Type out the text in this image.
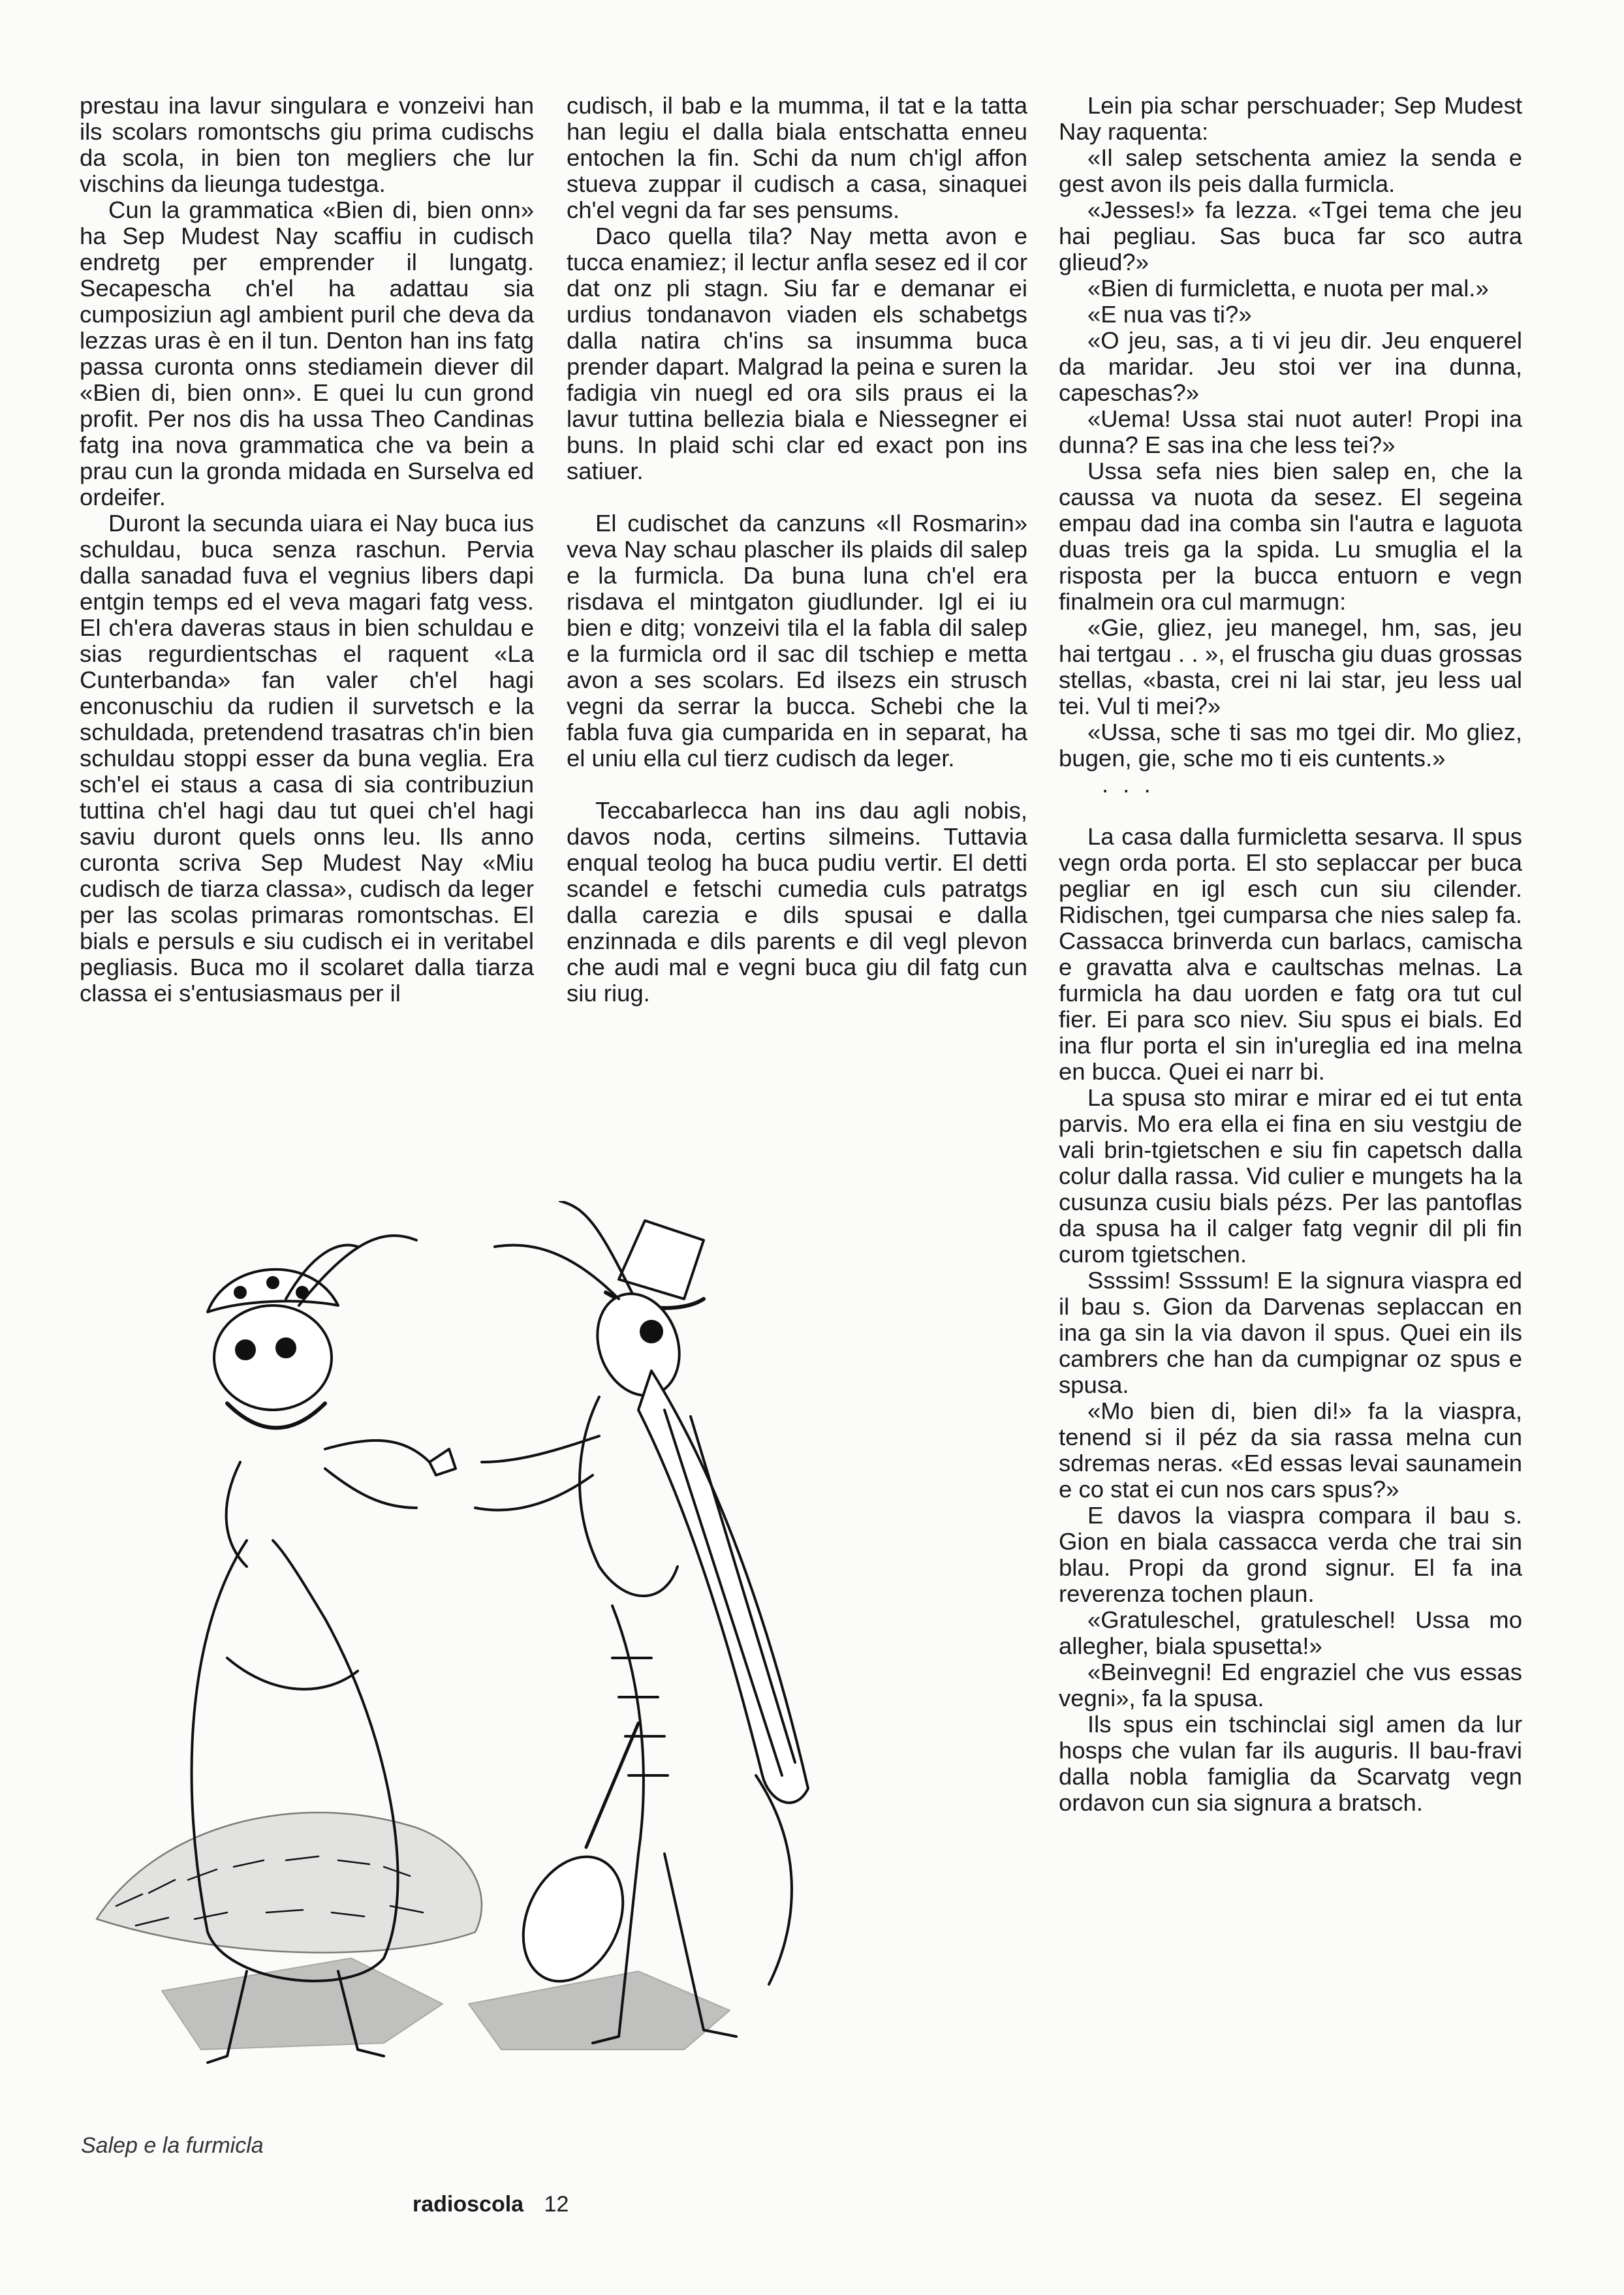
prestau ina lavur singulara e vonzeivi han ils scolars romontschs giu prima cudischs da scola, in bien ton megliers che lur vischins da lieunga tudestga.

Cun la grammatica «Bien di, bien onn» ha Sep Mudest Nay scaffiu in cudisch endretg per emprender il lungatg. Secapescha ch'el ha adattau sia cumposiziun agl ambient puril che deva da lezzas uras è en il tun. Denton han ins fatg passa curonta onns stediamein diever dil «Bien di, bien onn». E quei lu cun grond profit. Per nos dis ha ussa Theo Candinas fatg ina nova grammatica che va bein a prau cun la gronda midada en Surselva ed ordeifer.

Duront la secunda uiara ei Nay buca ius schuldau, buca senza raschun. Pervia dalla sanadad fuva el vegnius libers dapi entgin temps ed el veva magari fatg vess. El ch'era daveras staus in bien schuldau e sias regurdientschas el raquent «La Cunterbanda» fan valer ch'el hagi enconuschiu da rudien il survetsch e la schuldada, pretendend trasatras ch'in bien schuldau stoppi esser da buna veglia. Era sch'el ei staus a casa di sia contribuziun tuttina ch'el hagi dau tut quei ch'el hagi saviu duront quels onns leu. Ils anno curonta scriva Sep Mudest Nay «Miu cudisch de tiarza classa», cudisch da leger per las scolas primaras romontschas. El bials e persuls e siu cudisch ei in veritabel pegliasis. Buca mo il scolaret dalla tiarza classa ei s'entusiasmaus per il

cudisch, il bab e la mumma, il tat e la tatta han legiu el dalla biala entschatta enneu entochen la fin. Schi da num ch'igl affon stueva zuppar il cudisch a casa, sinaquei ch'el vegni da far ses pensums.

Daco quella tila? Nay metta avon e tucca enamiez; il lectur anfla sesez ed il cor dat onz pli stagn. Siu far e demanar ei urdius tondanavon viaden els schabetgs dalla natira ch'ins sa insumma buca prender dapart. Malgrad la peina e suren la fadigia vin nuegl ed ora sils praus ei la lavur tuttina bellezia biala e Niessegner ei buns. In plaid schi clar ed exact pon ins satiuer.

El cudischet da canzuns «Il Rosmarin» veva Nay schau plascher ils plaids dil salep e la furmicla. Da buna luna ch'el era risdava el mintgaton giudlunder. Igl ei iu bien e ditg; vonzeivi tila el la fabla dil salep e la furmicla ord il sac dil tschiep e metta avon a ses scolars. Ed ilsezs ein strusch vegni da serrar la bucca. Schebi che la fabla fuva gia cumparida en in separat, ha el uniu ella cul tierz cudisch da leger.

Teccabarlecca han ins dau agli nobis, davos noda, certins silmeins. Tuttavia enqual teolog ha buca pudiu vertir. El detti scandel e fetschi cumedia culs patratgs dalla carezia e dils spusai e dalla enzinnada e dils parents e dil vegl plevon che audi mal e vegni buca giu dil fatg cun siu riug.

Lein pia schar perschuader; Sep Mudest Nay raquenta:

«Il salep setschenta amiez la senda e gest avon ils peis dalla furmicla.

«Jesses!» fa lezza. «Tgei tema che jeu hai pegliau. Sas buca far sco autra glieud?»

«Bien di furmicletta, e nuota per mal.»

«E nua vas ti?»

«O jeu, sas, a ti vi jeu dir. Jeu enquerel da maridar. Jeu stoi ver ina dunna, capeschas?»

«Uema! Ussa stai nuot auter! Propi ina dunna? E sas ina che less tei?»

Ussa sefa nies bien salep en, che la caussa va nuota da sesez. El segeina empau dad ina comba sin l'autra e laguota duas treis ga la spida. Lu smuglia el la risposta per la bucca entuorn e vegn finalmein ora cul marmugn:

«Gie, gliez, jeu manegel, hm, sas, jeu hai tertgau . . », el fruscha giu duas grossas stellas, «basta, crei ni lai star, jeu less ual tei. Vul ti mei?»

«Ussa, sche ti sas mo tgei dir. Mo gliez, bugen, gie, sche mo ti eis cuntents.»

. . .

La casa dalla furmicletta sesarva. Il spus vegn orda porta. El sto seplaccar per buca pegliar en igl esch cun siu cilender. Ridischen, tgei cumparsa che nies salep fa. Cassacca brinverda cun barlacs, camischa e gravatta alva e caultschas melnas. La furmicla ha dau uorden e fatg ora tut cul fier. Ei para sco niev. Siu spus ei bials. Ed ina flur porta el sin in'ureglia ed ina melna en bucca. Quei ei narr bi.

La spusa sto mirar e mirar ed ei tut enta parvis. Mo era ella ei fina en siu vestgiu de vali brin-tgietschen e siu fin capetsch dalla colur dalla rassa. Vid culier e mungets ha la cusunza cusiu bials pézs. Per las pantoflas da spusa ha il calger fatg vegnir dil pli fin curom tgietschen.

Ssssim! Ssssum! E la signura viaspra ed il bau s. Gion da Darvenas seplaccan en ina ga sin la via davon il spus. Quei ein ils cambrers che han da cumpignar oz spus e spusa.

«Mo bien di, bien di!» fa la viaspra, tenend si il péz da sia rassa melna cun sdremas neras. «Ed essas levai saunamein e co stat ei cun nos cars spus?»

E davos la viaspra compara il bau s. Gion en biala cassacca verda che trai sin blau. Propi da grond signur. El fa ina reverenza tochen plaun.

«Gratuleschel, gratuleschel! Ussa mo allegher, biala spusetta!»

«Beinvegni! Ed engraziel che vus essas vegni», fa la spusa.

Ils spus ein tschinclai sigl amen da lur hosps che vulan far ils auguris. Il bau-fravi dalla nobla famiglia da Scarvatg vegn ordavon cun sia signura a bratsch.

Salep e la furmicla
radioscola 12
